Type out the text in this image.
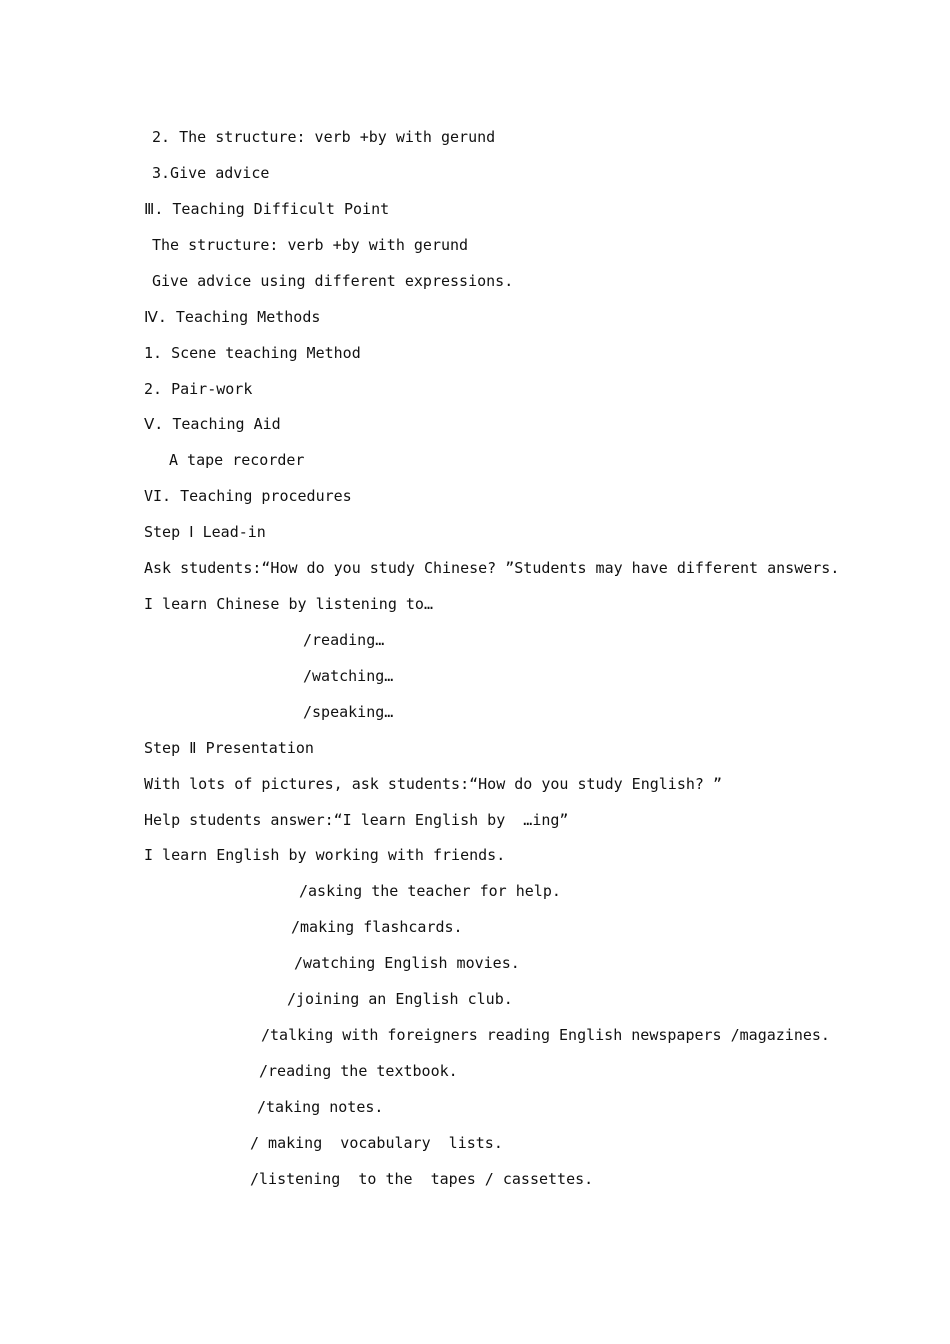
2. The structure: verb +by with gerund
3.Give advice
Ⅲ. Teaching Difficult Point
The structure: verb +by with gerund
Give advice using different expressions.
Ⅳ. Teaching Methods
1. Scene teaching Method
2. Pair-work
Ⅴ. Teaching Aid
A tape recorder
VI. Teaching procedures
Step Ⅰ Lead-in
Ask students:“How do you study Chinese? ”Students may have different answers.
I learn Chinese by listening to…
/reading…
/watching…
/speaking…
Step Ⅱ Presentation
With lots of pictures, ask students:“How do you study English? ”
Help students answer:“I learn English by  …ing”
I learn English by working with friends.
/asking the teacher for help.
/making flashcards.
/watching English movies.
/joining an English club.
/talking with foreigners reading English newspapers /magazines.
/reading the textbook.
/taking notes.
/ making  vocabulary  lists.
/listening  to the  tapes / cassettes.
